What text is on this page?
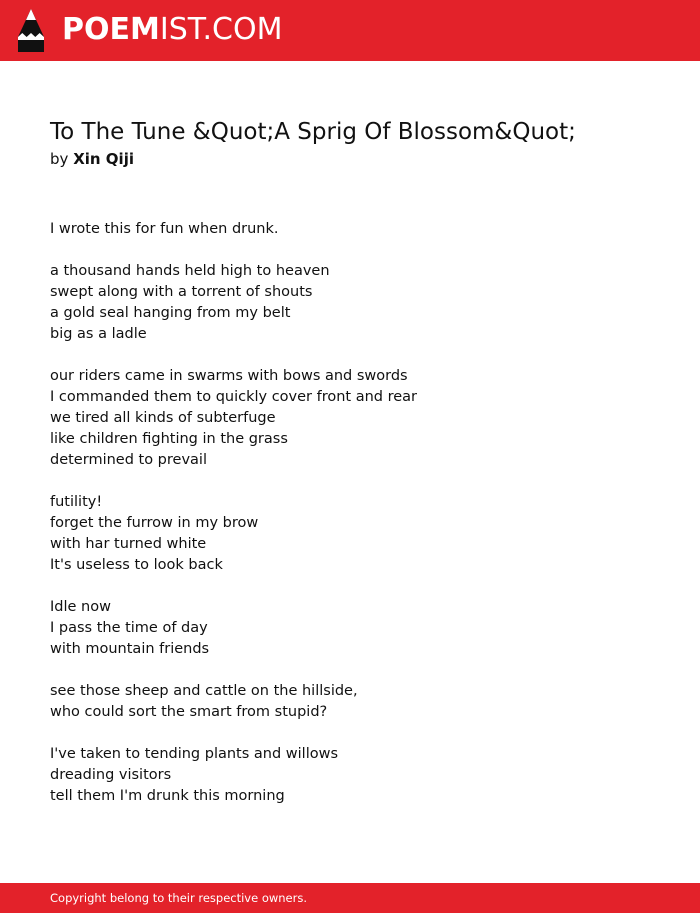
POEMIST.COM
To The Tune &Quot;A Sprig Of Blossom&Quot;
by Xin Qiji
I wrote this for fun when drunk.
a thousand hands held high to heaven
swept along with a torrent of shouts
a gold seal hanging from my belt
big as a ladle
our riders came in swarms with bows and swords
I commanded them to quickly cover front and rear
we tired all kinds of subterfuge
like children fighting in the grass
determined to prevail
futility!
forget the furrow in my brow
with har turned white
It's useless to look back
Idle now
I pass the time of day
with mountain friends
see those sheep and cattle on the hillside,
who could sort the smart from stupid?
I've taken to tending plants and willows
dreading visitors
tell them I'm drunk this morning
Copyright belong to their respective owners.
